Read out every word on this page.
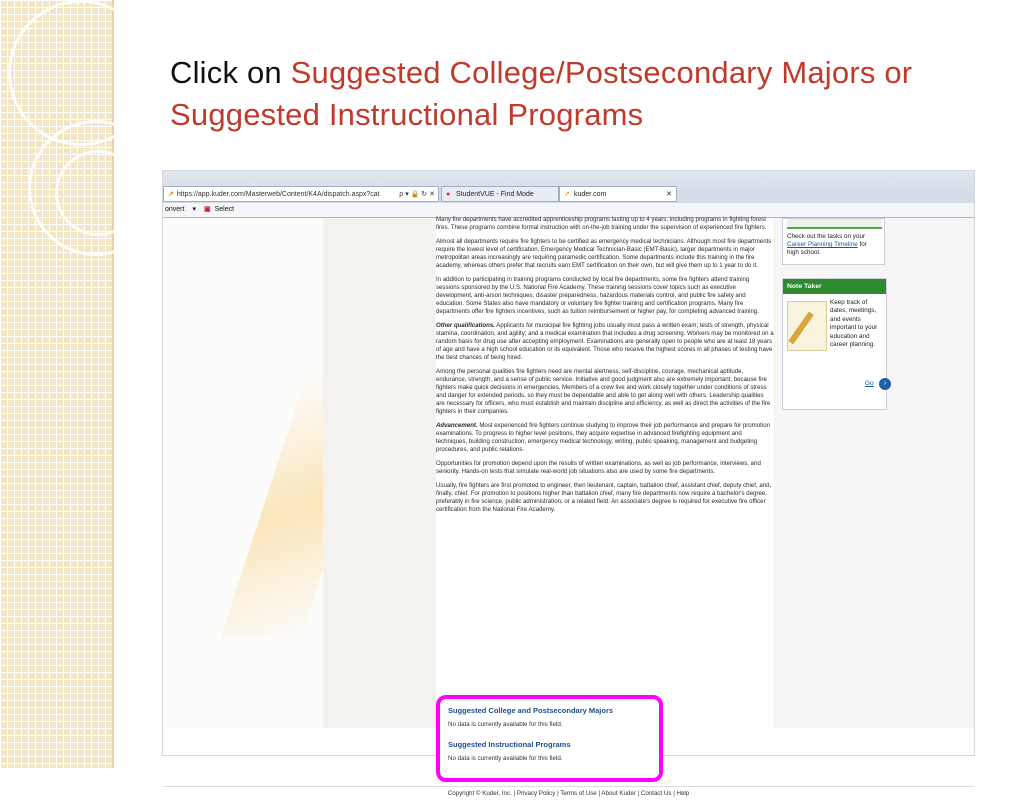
Click on Suggested College/Postsecondary Majors or Suggested Instructional Programs
↗ https://app.kuder.com/Masterweb/Content/K4A/dispatch.aspx?cat	ρ ▾ 🔒 ↻ ✕ ● StudentVUE - Find Mode	↗ kuder.com	✕
onvert ▾ ▣ Select

Many fire departments have accredited apprenticeship programs lasting up to 4 years, including programs in fighting forest fires. These programs combine formal instruction with on-the-job training under the supervision of experienced fire fighters.

Almost all departments require fire fighters to be certified as emergency medical technicians. Although most fire departments require the lowest level of certification, Emergency Medical Technician-Basic (EMT-Basic), larger departments in major metropolitan areas increasingly are requiring paramedic certification. Some departments include this training in the fire academy, whereas others prefer that recruits earn EMT certification on their own, but will give them up to 1 year to do it.

In addition to participating in training programs conducted by local fire departments, some fire fighters attend training sessions sponsored by the U.S. National Fire Academy. These training sessions cover topics such as executive development, anti-arson techniques, disaster preparedness, hazardous materials control, and public fire safety and education. Some States also have mandatory or voluntary fire fighter training and certification programs. Many fire departments offer fire fighters incentives, such as tuition reimbursement or higher pay, for completing advanced training.

Other qualifications. Applicants for municipal fire fighting jobs usually must pass a written exam; tests of strength, physical stamina, coordination, and agility; and a medical examination that includes a drug screening. Workers may be monitored on a random basis for drug use after accepting employment. Examinations are generally open to people who are at least 18 years of age and have a high school education or its equivalent. Those who receive the highest scores in all phases of testing have the best chances of being hired.

Among the personal qualities fire fighters need are mental alertness, self-discipline, courage, mechanical aptitude, endurance, strength, and a sense of public service. Initiative and good judgment also are extremely important, because fire fighters make quick decisions in emergencies. Members of a crew live and work closely together under conditions of stress and danger for extended periods, so they must be dependable and able to get along well with others. Leadership qualities are necessary for officers, who must establish and maintain discipline and efficiency, as well as direct the activities of the fire fighters in their companies.

Advancement. Most experienced fire fighters continue studying to improve their job performance and prepare for promotion examinations. To progress to higher level positions, they acquire expertise in advanced firefighting equipment and techniques, building construction, emergency medical technology, writing, public speaking, management and budgeting procedures, and public relations.

Opportunities for promotion depend upon the results of written examinations, as well as job performance, interviews, and seniority. Hands-on tests that simulate real-world job situations also are used by some fire departments.

Usually, fire fighters are first promoted to engineer, then lieutenant, captain, battalion chief, assistant chief, deputy chief, and, finally, chief. For promotion to positions higher than battalion chief, many fire departments now require a bachelor's degree, preferably in fire science, public administration, or a related field. An associate's degree is required for executive fire officer certification from the National Fire Academy.

Check out the tasks on your Career Planning Timeline for high school.
Note Taker
Keep track of dates, meetings, and events important to your education and career planning.
Go	›
Suggested College and Postsecondary Majors
No data is currently available for this field.
Suggested Instructional Programs
No data is currently available for this field.
Copyright © Kuder, Inc. | Privacy Policy | Terms of Use | About Kuder | Contact Us | Help
